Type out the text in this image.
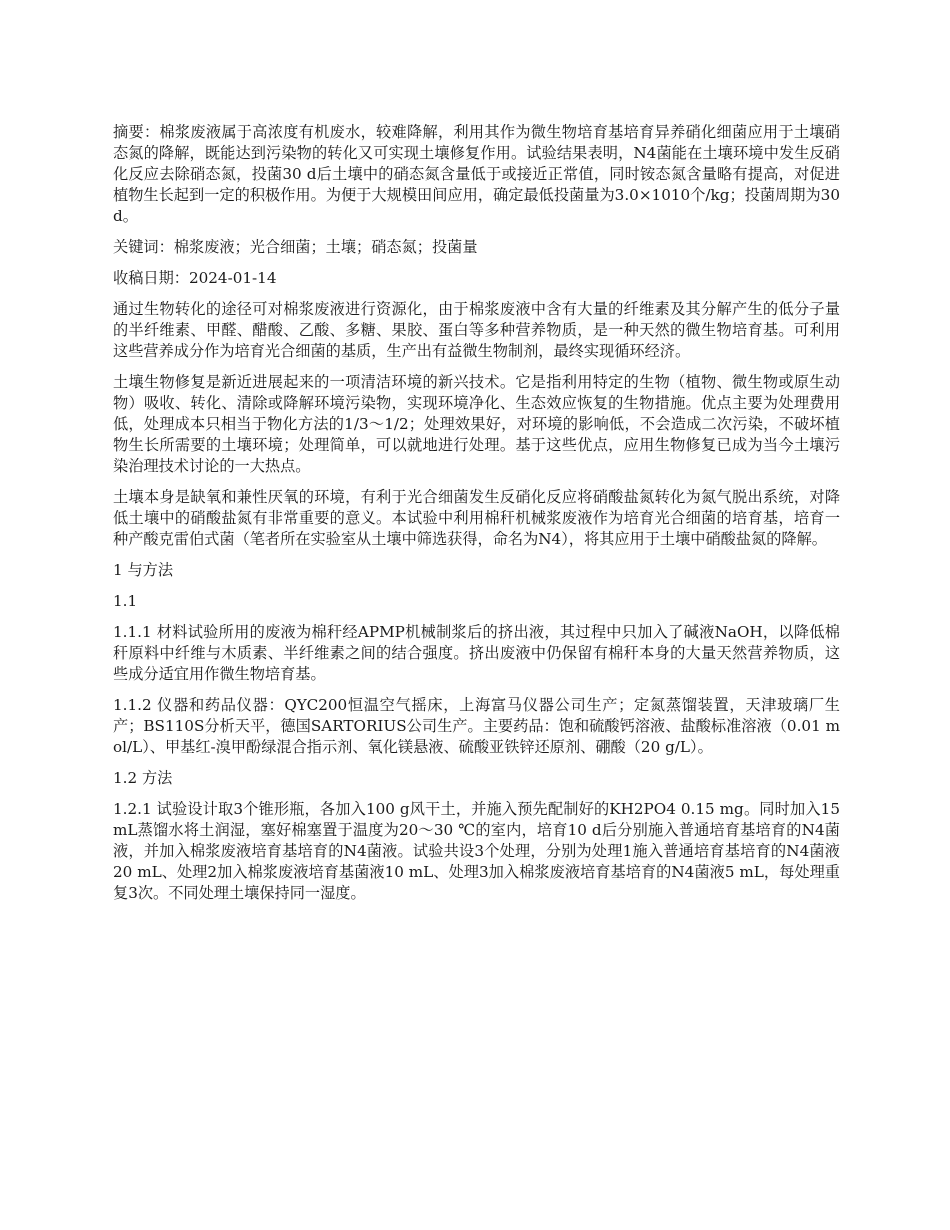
摘要：棉浆废液属于高浓度有机废水，较难降解，利用其作为微生物培育基培育异养硝化细菌应用于土壤硝态氮的降解，既能达到污染物的转化又可实现土壤修复作用。试验结果表明，N4菌能在土壤环境中发生反硝化反应去除硝态氮，投菌30 d后土壤中的硝态氮含量低于或接近正常值，同时铵态氮含量略有提高，对促进植物生长起到一定的积极作用。为便于大规模田间应用，确定最低投菌量为3.0×1010个/kg；投菌周期为30 d。

关键词：棉浆废液；光合细菌；土壤；硝态氮；投菌量

收稿日期：2024-01-14

通过生物转化的途径可对棉浆废液进行资源化，由于棉浆废液中含有大量的纤维素及其分解产生的低分子量的半纤维素、甲醛、醋酸、乙酸、多糖、果胶、蛋白等多种营养物质，是一种天然的微生物培育基。可利用这些营养成分作为培育光合细菌的基质，生产出有益微生物制剂，最终实现循环经济。

土壤生物修复是新近进展起来的一项清洁环境的新兴技术。它是指利用特定的生物（植物、微生物或原生动物）吸收、转化、清除或降解环境污染物，实现环境净化、生态效应恢复的生物措施。优点主要为处理费用低，处理成本只相当于物化方法的1/3～1/2；处理效果好，对环境的影响低，不会造成二次污染，不破坏植物生长所需要的土壤环境；处理简单，可以就地进行处理。基于这些优点，应用生物修复已成为当今土壤污染治理技术讨论的一大热点。

土壤本身是缺氧和兼性厌氧的环境，有利于光合细菌发生反硝化反应将硝酸盐氮转化为氮气脱出系统，对降低土壤中的硝酸盐氮有非常重要的意义。本试验中利用棉秆机械浆废液作为培育光合细菌的培育基，培育一种产酸克雷伯式菌（笔者所在实验室从土壤中筛选获得，命名为N4），将其应用于土壤中硝酸盐氮的降解。

1 与方法

1.1

1.1.1 材料试验所用的废液为棉秆经APMP机械制浆后的挤出液，其过程中只加入了碱液NaOH，以降低棉秆原料中纤维与木质素、半纤维素之间的结合强度。挤出废液中仍保留有棉秆本身的大量天然营养物质，这些成分适宜用作微生物培育基。

1.1.2 仪器和药品仪器：QYC200恒温空气摇床，上海富马仪器公司生产；定氮蒸馏装置，天津玻璃厂生产；BS110S分析天平，德国SARTORIUS公司生产。主要药品：饱和硫酸钙溶液、盐酸标准溶液（0.01 mol/L）、甲基红-溴甲酚绿混合指示剂、氧化镁悬液、硫酸亚铁锌还原剂、硼酸（20 g/L）。

1.2 方法

1.2.1 试验设计取3个锥形瓶，各加入100 g风干土，并施入预先配制好的KH2PO4 0.15 mg。同时加入15 mL蒸馏水将土润湿，塞好棉塞置于温度为20～30 ℃的室内，培育10 d后分别施入普通培育基培育的N4菌液，并加入棉浆废液培育基培育的N4菌液。试验共设3个处理，分别为处理1施入普通培育基培育的N4菌液20 mL、处理2加入棉浆废液培育基菌液10 mL、处理3加入棉浆废液培育基培育的N4菌液5 mL，每处理重复3次。不同处理土壤保持同一湿度。
